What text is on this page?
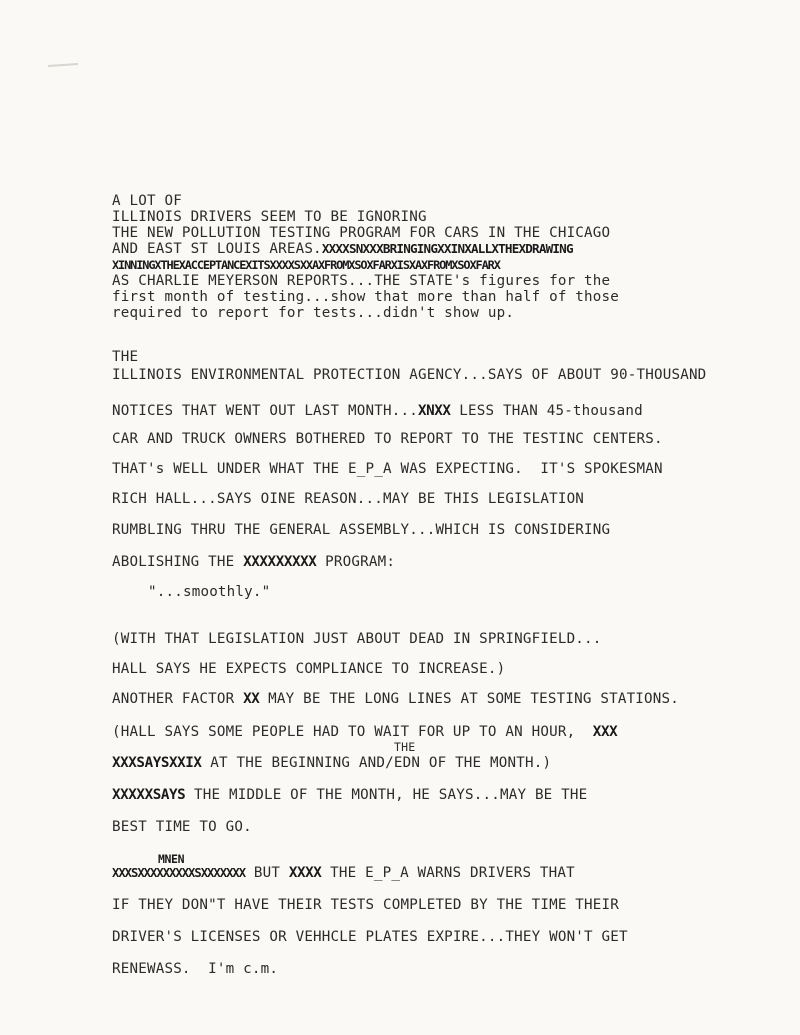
A LOT OF
ILLINOIS DRIVERS SEEM TO BE IGNORING
THE NEW POLLUTION TESTING PROGRAM FOR CARS IN THE CHICAGO
AND EAST ST LOUIS AREAS.XXXXSNXXXBRINGINGXXINXALLXTHEXDRAWING
XINNINGXTHEXACCEPTANCEXITSXXXXSXXAXFROMXSOXFARXISXAXFROMXSOXFARX
AS CHARLIE MEYERSON REPORTS...THE STATE's figures for the
first month of testing...show that more than half of those
required to report for tests...didn't show up.
THE
ILLINOIS ENVIRONMENTAL PROTECTION AGENCY...SAYS OF ABOUT 90-THOUSAND
NOTICES THAT WENT OUT LAST MONTH...XNXX LESS THAN 45-thousand
CAR AND TRUCK OWNERS BOTHERED TO REPORT TO THE TESTINC CENTERS.
THAT's WELL UNDER WHAT THE E_P_A WAS EXPECTING.  IT'S SPOKESMAN
RICH HALL...SAYS OINE REASON...MAY BE THIS LEGISLATION
RUMBLING THRU THE GENERAL ASSEMBLY...WHICH IS CONSIDERING
ABOLISHING THE XXXXXXXXX PROGRAM:
"...smoothly."
(WITH THAT LEGISLATION JUST ABOUT DEAD IN SPRINGFIELD...
HALL SAYS HE EXPECTS COMPLIANCE TO INCREASE.)
ANOTHER FACTOR XX MAY BE THE LONG LINES AT SOME TESTING STATIONS.
(HALL SAYS SOME PEOPLE HAD TO WAIT FOR UP TO AN HOUR,  XXX
THE
XXXSAYSXXIX AT THE BEGINNING AND/EDN OF THE MONTH.)
XXXXXSAYS THE MIDDLE OF THE MONTH, HE SAYS...MAY BE THE
BEST TIME TO GO.
MNEN
XXXSXXXXXXXXXSXXXXXXX BUT XXXX THE E_P_A WARNS DRIVERS THAT
IF THEY DON"T HAVE THEIR TESTS COMPLETED BY THE TIME THEIR
DRIVER'S LICENSES OR VEHHCLE PLATES EXPIRE...THEY WON'T GET
RENEWASS.  I'm c.m.
